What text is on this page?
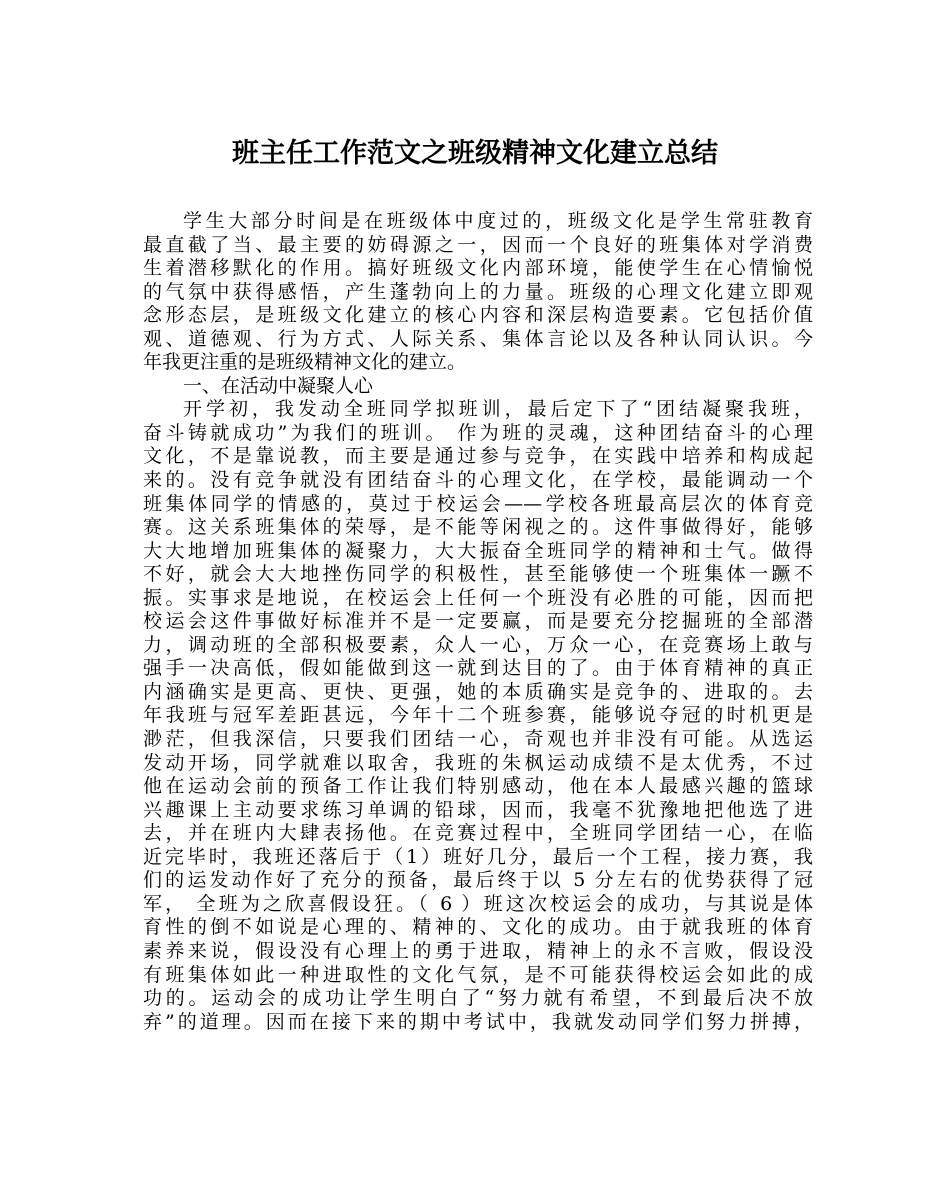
班主任工作范文之班级精神文化建立总结
学生大部分时间是在班级体中度过的，班级文化是学生常驻教育
最直截了当、最主要的妨碍源之一，因而一个良好的班集体对学消费
生着潜移默化的作用。搞好班级文化内部环境，能使学生在心情愉悦
的气氛中获得感悟，产生蓬勃向上的力量。班级的心理文化建立即观
念形态层，是班级文化建立的核心内容和深层构造要素。它包括价值
观、道德观、行为方式、人际关系、集体言论以及各种认同认识。今
年我更注重的是班级精神文化的建立。
一、在活动中凝聚人心
开学初，我发动全班同学拟班训，最后定下了“团结凝聚我班，
奋斗铸就成功”为我们的班训。 作为班的灵魂，这种团结奋斗的心理
文化，不是靠说教，而主要是通过参与竞争，在实践中培养和构成起
来的。没有竞争就没有团结奋斗的心理文化，在学校，最能调动一个
班集体同学的情感的，莫过于校运会——学校各班最高层次的体育竞
赛。这关系班集体的荣辱，是不能等闲视之的。这件事做得好，能够
大大地增加班集体的凝聚力，大大振奋全班同学的精神和士气。做得
不好，就会大大地挫伤同学的积极性，甚至能够使一个班集体一蹶不
振。实事求是地说，在校运会上任何一个班没有必胜的可能，因而把
校运会这件事做好标准并不是一定要赢，而是要充分挖掘班的全部潜
力，调动班的全部积极要素，众人一心，万众一心，在竞赛场上敢与
强手一决高低，假如能做到这一就到达目的了。由于体育精神的真正
内涵确实是更高、更快、更强，她的本质确实是竞争的、进取的。去
年我班与冠军差距甚远，今年十二个班参赛，能够说夺冠的时机更是
渺茫，但我深信，只要我们团结一心，奇观也并非没有可能。从选运
发动开场，同学就难以取舍，我班的朱枫运动成绩不是太优秀，不过
他在运动会前的预备工作让我们特别感动，他在本人最感兴趣的篮球
兴趣课上主动要求练习单调的铅球，因而，我毫不犹豫地把他选了进
去，并在班内大肆表扬他。在竞赛过程中，全班同学团结一心，在临
近完毕时，我班还落后于（1）班好几分，最后一个工程，接力赛，我
们的运发动作好了充分的预备，最后终于以 5 分左右的优势获得了冠
军， 全班为之欣喜假设狂。（ 6 ）班这次校运会的成功，与其说是体
育性的倒不如说是心理的、精神的、文化的成功。由于就我班的体育
素养来说，假设没有心理上的勇于进取，精神上的永不言败，假设没
有班集体如此一种进取性的文化气氛，是不可能获得校运会如此的成
功的。运动会的成功让学生明白了“努力就有希望，不到最后决不放
弃”的道理。因而在接下来的期中考试中，我就发动同学们努力拼搏，
